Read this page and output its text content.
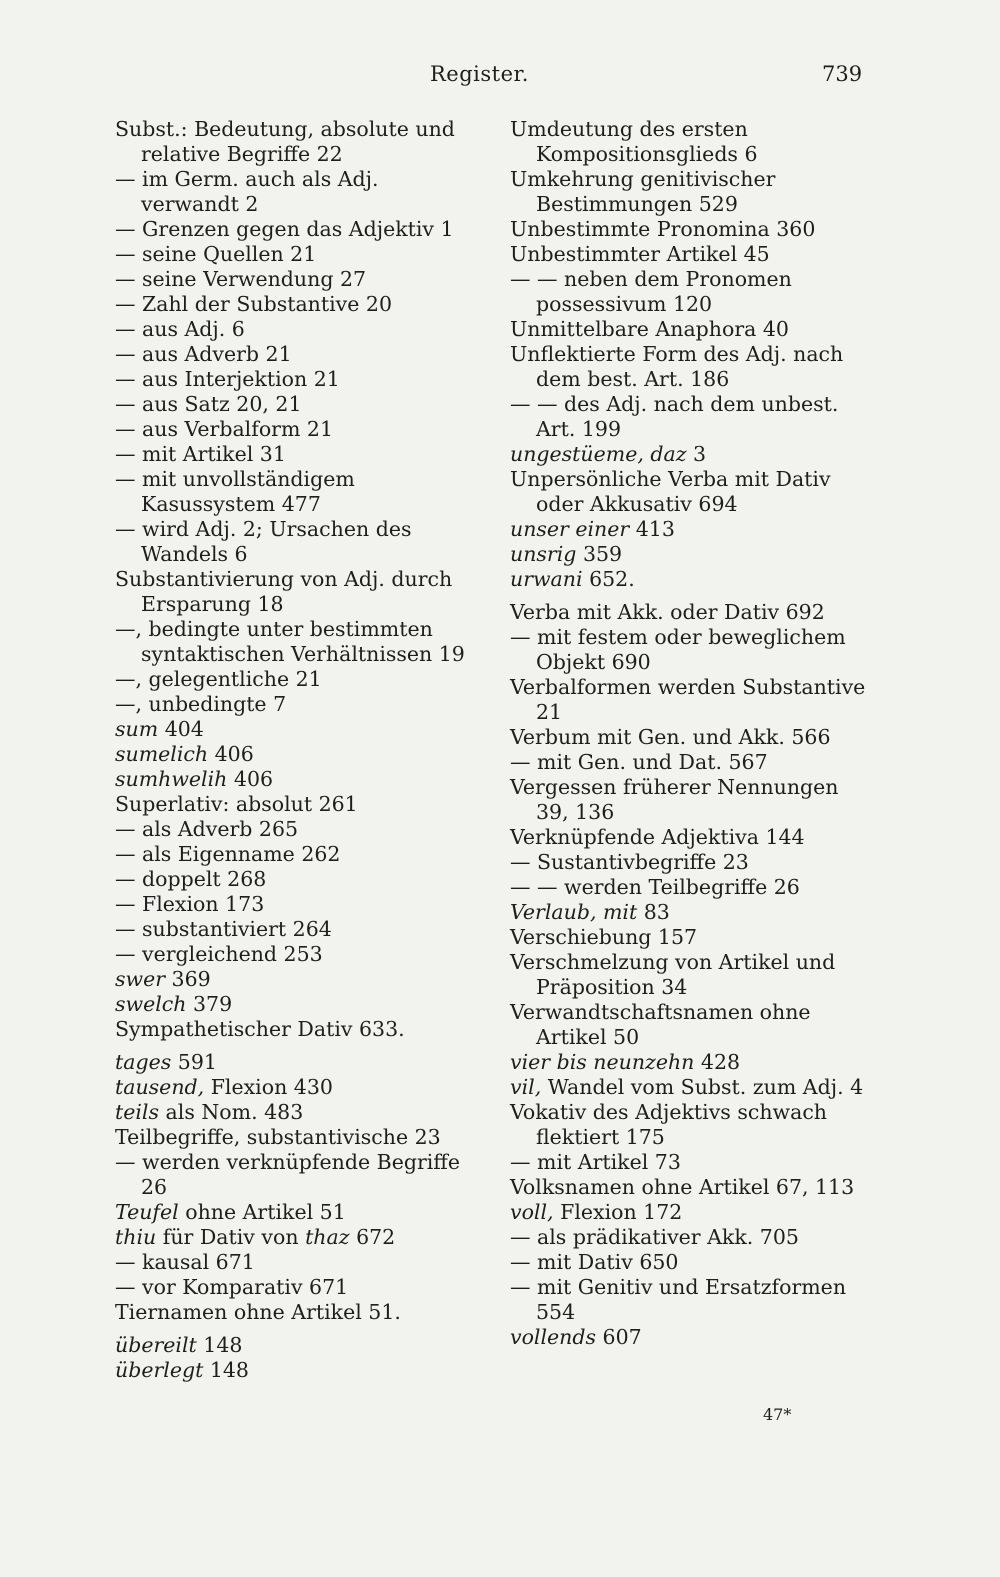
Register.	739
Subst.: Bedeutung, absolute und relative Begriffe 22
— im Germ. auch als Adj. verwandt 2
— Grenzen gegen das Adjektiv 1
— seine Quellen 21
— seine Verwendung 27
— Zahl der Substantive 20
— aus Adj. 6
— aus Adverb 21
— aus Interjektion 21
— aus Satz 20, 21
— aus Verbalform 21
— mit Artikel 31
— mit unvollständigem Kasussystem 477
— wird Adj. 2; Ursachen des Wandels 6
Substantivierung von Adj. durch Ersparung 18
—, bedingte unter bestimmten syntaktischen Verhältnissen 19
—, gelegentliche 21
—, unbedingte 7
sum 404
sumelich 406
sumhwelih 406
Superlativ: absolut 261
— als Adverb 265
— als Eigenname 262
— doppelt 268
— Flexion 173
— substantiviert 264
— vergleichend 253
swer 369
swelch 379
Sympathetischer Dativ 633.
tages 591
tausend, Flexion 430
teils als Nom. 483
Teilbegriffe, substantivische 23
— werden verknüpfende Begriffe 26
Teufel ohne Artikel 51
thiu für Dativ von thaz 672
— kausal 671
— vor Komparativ 671
Tiernamen ohne Artikel 51.
übereilt 148
überlegt 148
Umdeutung des ersten Kompositionsglieds 6
Umkehrung genitivischer Bestimmungen 529
Unbestimmte Pronomina 360
Unbestimmter Artikel 45
— — neben dem Pronomen possessivum 120
Unmittelbare Anaphora 40
Unflektierte Form des Adj. nach dem best. Art. 186
— — des Adj. nach dem unbest. Art. 199
ungestüeme, daz 3
Unpersönliche Verba mit Dativ oder Akkusativ 694
unser einer 413
unsrig 359
urwani 652.
Verba mit Akk. oder Dativ 692
— mit festem oder beweglichem Objekt 690
Verbalformen werden Substantive 21
Verbum mit Gen. und Akk. 566
— mit Gen. und Dat. 567
Vergessen früherer Nennungen 39, 136
Verknüpfende Adjektiva 144
— Sustantivbegriffe 23
— — werden Teilbegriffe 26
Verlaub, mit 83
Verschiebung 157
Verschmelzung von Artikel und Präposition 34
Verwandtschaftsnamen ohne Artikel 50
vier bis neunzehn 428
vil, Wandel vom Subst. zum Adj. 4
Vokativ des Adjektivs schwach flektiert 175
— mit Artikel 73
Volksnamen ohne Artikel 67, 113
voll, Flexion 172
— als prädikativer Akk. 705
— mit Dativ 650
— mit Genitiv und Ersatzformen 554
vollends 607
47*
